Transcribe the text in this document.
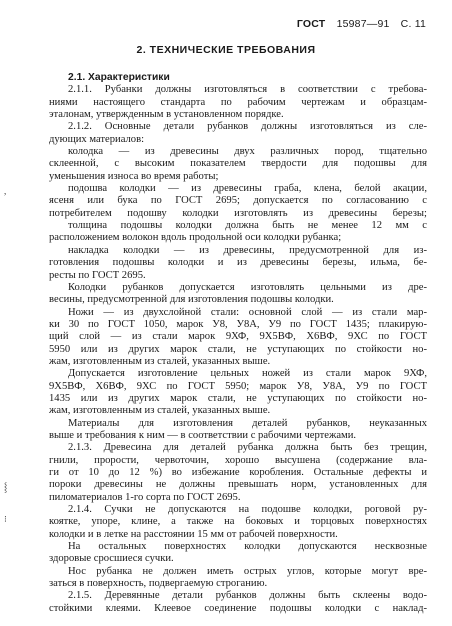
ГОСТ 15987—91 С. 11
2. ТЕХНИЧЕСКИЕ ТРЕБОВАНИЯ
2.1. Характеристики
2.1.1. Рубанки должны изготовляться в соответствии с требова-
ниями настоящего стандарта по рабочим чертежам и образцам-
эталонам, утвержденным в установленном порядке.
2.1.2. Основные детали рубанков должны изготовляться из сле-
дующих материалов:
колодка — из древесины двух различных пород, тщательно
склеенной, с высоким показателем твердости для подошвы для
уменьшения износа во время работы;
подошва колодки — из древесины граба, клена, белой акации,
ясеня или бука по ГОСТ 2695; допускается по согласованию с
потребителем подошву колодки изготовлять из древесины березы;
толщина подошвы колодки должна быть не менее 12 мм с
расположением волокон вдоль продольной оси колодки рубанка;
накладка колодки — из древесины, предусмотренной для из-
готовления подошвы колодки и из древесины березы, ильма, бе-
ресты по ГОСТ 2695.
Колодки рубанков допускается изготовлять цельными из дре-
весины, предусмотренной для изготовления подошвы колодки.
Ножи — из двухслойной стали: основной слой — из стали мар-
ки 30 по ГОСТ 1050, марок У8, У8А, У9 по ГОСТ 1435; плакирую-
щий слой — из стали марок 9ХФ, 9Х5ВФ, Х6ВФ, 9ХС по ГОСТ
5950 или из других марок стали, не уступающих по стойкости но-
жам, изготовленным из сталей, указанных выше.
Допускается изготовление цельных ножей из стали марок 9ХФ,
9Х5ВФ, Х6ВФ, 9ХС по ГОСТ 5950; марок У8, У8А, У9 по ГОСТ
1435 или из других марок стали, не уступающих по стойкости но-
жам, изготовленным из сталей, указанных выше.
Материалы для изготовления деталей рубанков, неуказанных
выше и требования к ним — в соответствии с рабочими чертежами.
2.1.3. Древесина для деталей рубанка должна быть без трещин,
гнили, прорости, червоточин, хорошо высушена (содержание вла-
ги от 10 до 12 %) во избежание коробления. Остальные дефекты и
пороки древесины не должны превышать норм, установленных для
пиломатериалов 1-го сорта по ГОСТ 2695.
2.1.4. Сучки не допускаются на подошве колодки, роговой ру-
коятке, упоре, клине, а также на боковых и торцовых поверхностях
колодки и в летке на расстоянии 15 мм от рабочей поверхности.
На остальных поверхностях колодки допускаются несквозные
здоровые сросшиеся сучки.
Нос рубанка не должен иметь острых углов, которые могут вре-
заться в поверхность, подвергаемую строганию.
2.1.5. Деревянные детали рубанков должны быть склеены водо-
стойкими клеями. Клеевое соединение подошвы колодки с наклад-
,
⸾
⁝
